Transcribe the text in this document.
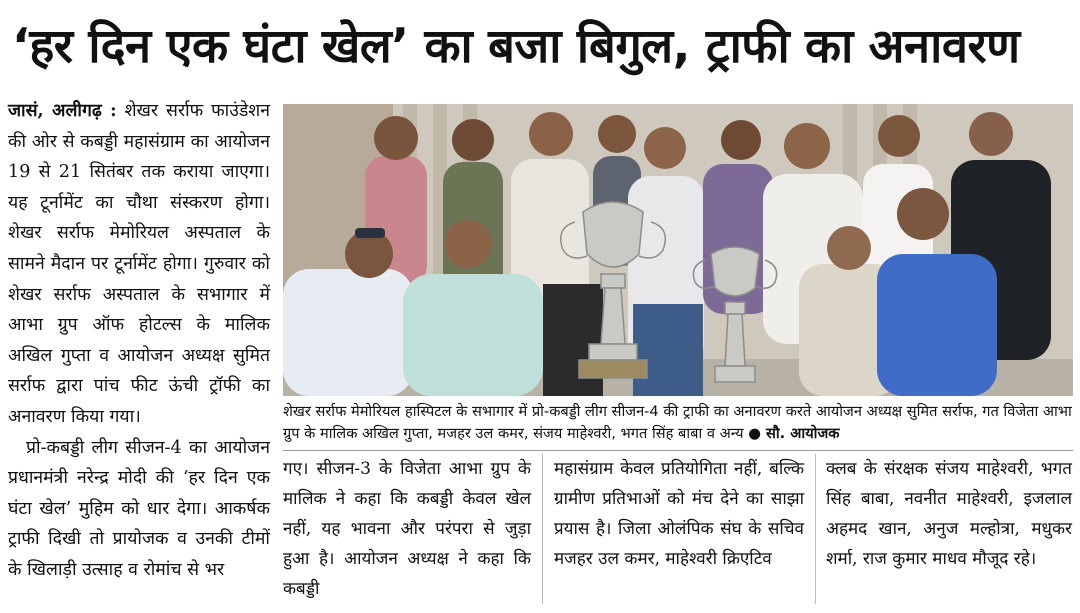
‘हर दिन एक घंटा खेल’ का बजा बिगुल, ट्राफी का अनावरण

जासं, अलीगढ़ : शेखर सर्राफ फाउंडेशन की ओर से कबड्डी महासंग्राम का आयोजन 19 से 21 सितंबर तक कराया जाएगा। यह टूर्नामेंट का चौथा संस्करण होगा। शेखर सर्राफ मेमोरियल अस्पताल के सामने मैदान पर टूर्नामेंट होगा। गुरुवार को शेखर सर्राफ अस्पताल के सभागार में आभा ग्रुप ऑफ होटल्स के मालिक अखिल गुप्ता व आयोजन अध्यक्ष सुमित सर्राफ द्वारा पांच फीट ऊंची ट्रॉफी का अनावरण किया गया।

प्रो-कबड्डी लीग सीजन-4 का आयोजन प्रधानमंत्री नरेन्द्र मोदी की ‘हर दिन एक घंटा खेल’ मुहिम को धार देगा। आकर्षक ट्राफी दिखी तो प्रायोजक व उनकी टीमों के खिलाड़ी उत्साह व रोमांच से भर

शेखर सर्राफ मेमोरियल हास्पिटल के सभागार में प्रो-कबड्डी लीग सीजन-4 की ट्राफी का अनावरण करते आयोजन अध्यक्ष सुमित सर्राफ, गत विजेता आभा ग्रुप के मालिक अखिल गुप्ता, मजहर उल कमर, संजय माहेश्वरी, भगत सिंह बाबा व अन्य ● सौ. आयोजक

गए। सीजन-3 के विजेता आभा ग्रुप के मालिक ने कहा कि कबड्डी केवल खेल नहीं, यह भावना और परंपरा से जुड़ा हुआ है। आयोजन अध्यक्ष ने कहा कि कबड्डी

महासंग्राम केवल प्रतियोगिता नहीं, बल्कि ग्रामीण प्रतिभाओं को मंच देने का साझा प्रयास है। जिला ओलंपिक संघ के सचिव मजहर उल कमर, माहेश्वरी क्रिएटिव

क्लब के संरक्षक संजय माहेश्वरी, भगत सिंह बाबा, नवनीत माहेश्वरी, इजलाल अहमद खान, अनुज मल्होत्रा, मधुकर शर्मा, राज कुमार माधव मौजूद रहे।
